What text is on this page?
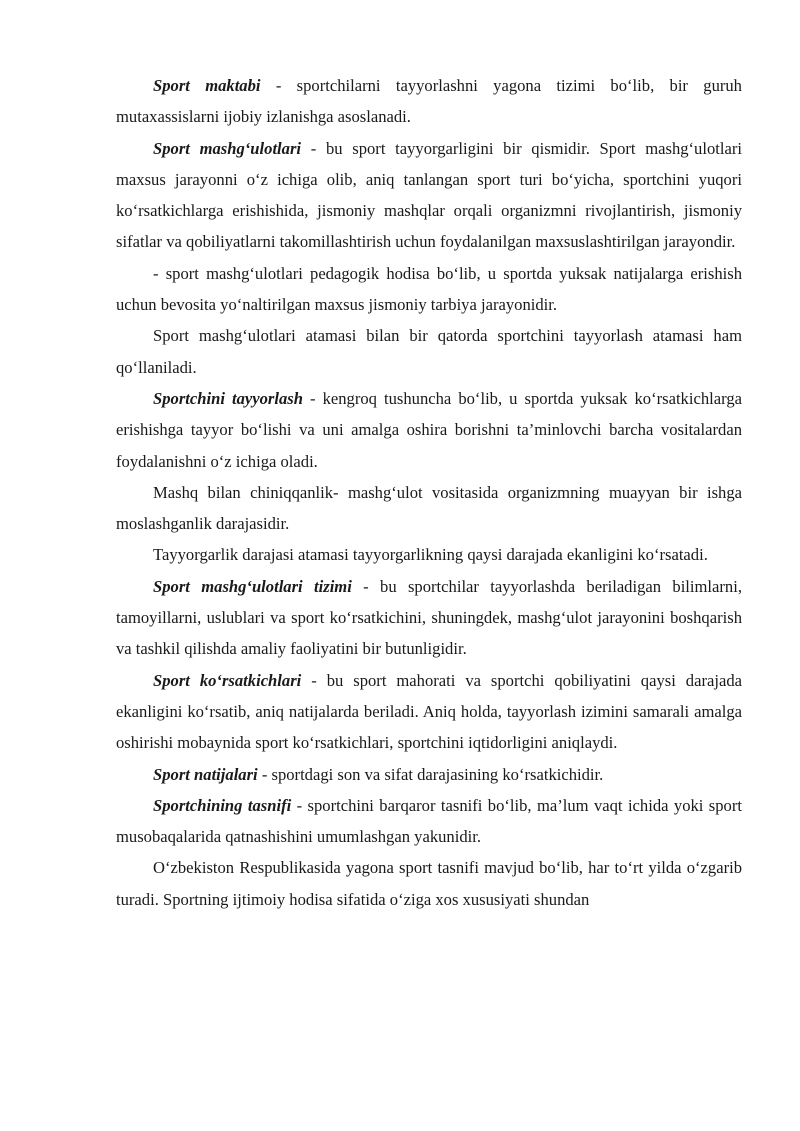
Sport maktabi - sportchilarni tayyorlashni yagona tizimi bo‘lib, bir guruh mutaxassislarni ijobiy izlanishga asoslanadi.

Sport mashg‘ulotlari - bu sport tayyorgarligini bir qismidir. Sport mashg‘ulotlari maxsus jarayonni o‘z ichiga olib, aniq tanlangan sport turi bo‘yicha, sportchini yuqori ko‘rsatkichlarga erishishida, jismoniy mashqlar orqali organizmni rivojlantirish, jismoniy sifatlar va qobiliyatlarni takomillashtirish uchun foydalanilgan maxsuslashtirilgan jarayondir.

- sport mashg‘ulotlari pedagogik hodisa bo‘lib, u sportda yuksak natijalarga erishish uchun bevosita yo‘naltirilgan maxsus jismoniy tarbiya jarayonidir.

Sport mashg‘ulotlari atamasi bilan bir qatorda sportchini tayyorlash atamasi ham qo‘llaniladi.

Sportchini tayyorlash - kengroq tushuncha bo‘lib, u sportda yuksak ko‘rsatkichlarga erishishga tayyor bo‘lishi va uni amalga oshira borishni ta’minlovchi barcha vositalardan foydalanishni o‘z ichiga oladi.

Mashq bilan chiniqqanlik- mashg‘ulot vositasida organizmning muayyan bir ishga moslashganlik darajasidir.

Tayyorgarlik darajasi atamasi tayyorgarlikning qaysi darajada ekanligini ko‘rsatadi.

Sport mashg‘ulotlari tizimi - bu sportchilar tayyorlashda beriladigan bilimlarni, tamoyillarni, uslublari va sport ko‘rsatkichini, shuningdek, mashg‘ulot jarayonini boshqarish va tashkil qilishda amaliy faoliyatini bir butunligidir.

Sport ko‘rsatkichlari - bu sport mahorati va sportchi qobiliyatini qaysi darajada ekanligini ko‘rsatib, aniq natijalarda beriladi. Aniq holda, tayyorlash izimini samarali amalga oshirishi mobaynida sport ko‘rsatkichlari, sportchini iqtidorligini aniqlaydi.

Sport natijalari - sportdagi son va sifat darajasining ko‘rsatkichidir.

Sportchining tasnifi - sportchini barqaror tasnifi bo‘lib, ma’lum vaqt ichida yoki sport musobaqalarida qatnashishini umumlashgan yakunidir.

O‘zbekiston Respublikasida yagona sport tasnifi mavjud bo‘lib, har to‘rt yilda o‘zgarib turadi. Sportning ijtimoiy hodisa sifatida o‘ziga xos xususiyati shundan
